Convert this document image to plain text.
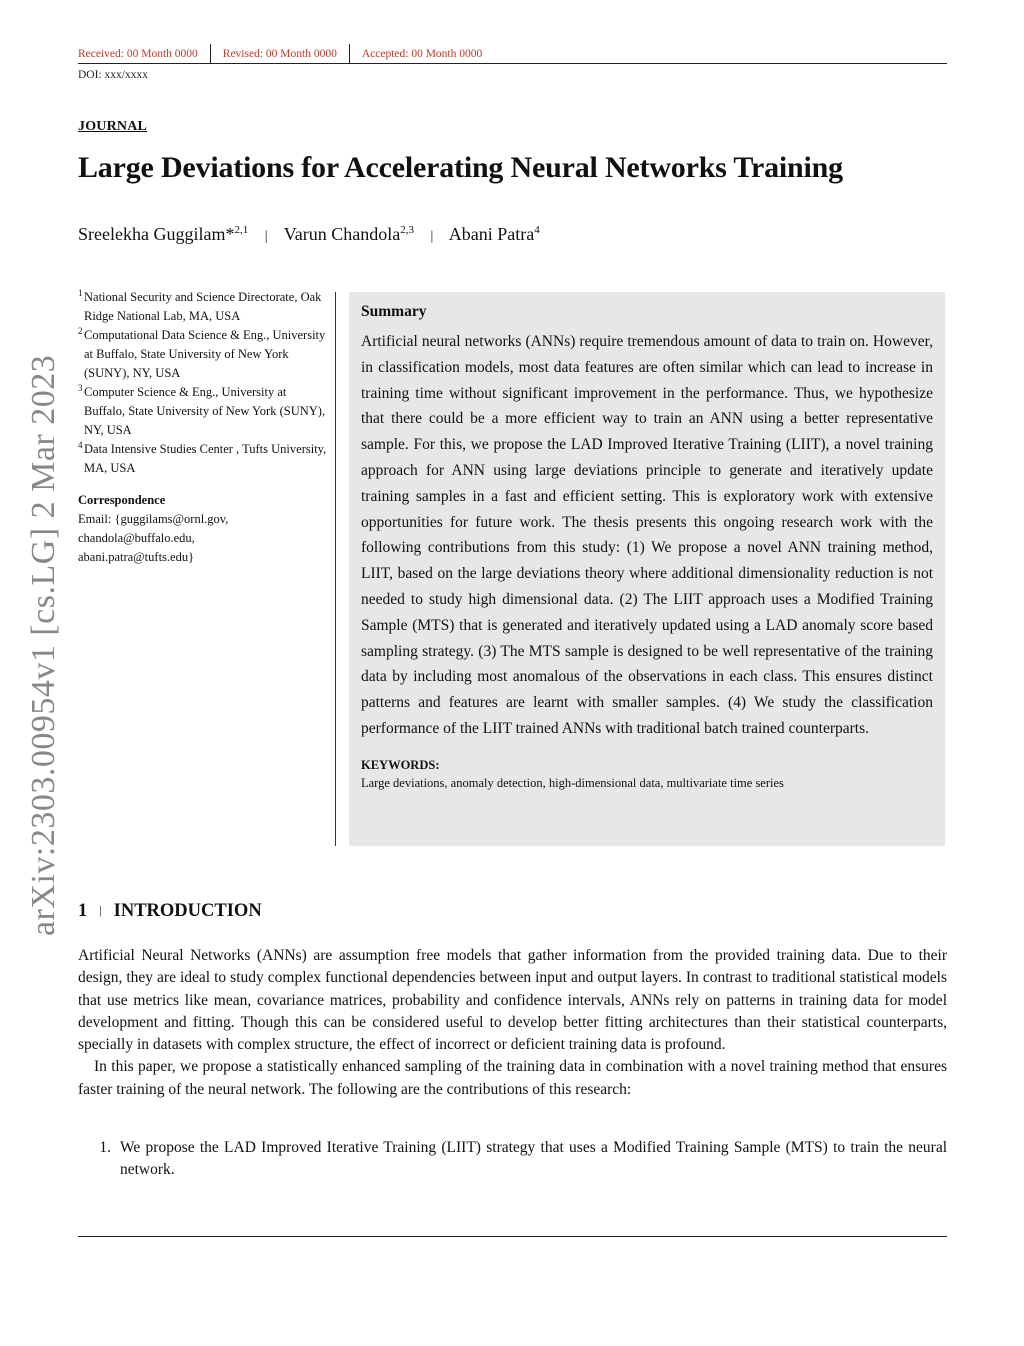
Received: 00 Month 0000 Revised: 00 Month 0000 Accepted: 00 Month 0000
DOI: xxx/xxxx
JOURNAL
Large Deviations for Accelerating Neural Networks Training
Sreelekha Guggilam*$^{2,1}$ | Varun Chandola$^{2,3}$ | Abani Patra$^4$
arXiv:2303.00954v1 [cs.LG] 2 Mar 2023
1 National Security and Science Directorate, Oak Ridge National Lab, MA, USA
2 Computational Data Science & Eng., University at Buffalo, State University of New York (SUNY), NY, USA
3 Computer Science & Eng., University at Buffalo, State University of New York (SUNY), NY, USA
4 Data Intensive Studies Center , Tufts University, MA, USA
Correspondence
Email: {guggilams@ornl.gov,
chandola@buffalo.edu,
abani.patra@tufts.edu}
Summary
Artificial neural networks (ANNs) require tremendous amount of data to train on. However, in classification models, most data features are often similar which can lead to increase in training time without significant improvement in the performance. Thus, we hypothesize that there could be a more efficient way to train an ANN using a better representative sample. For this, we propose the LAD Improved Iterative Training (LIIT), a novel training approach for ANN using large deviations principle to generate and iteratively update training samples in a fast and efficient setting. This is exploratory work with extensive opportunities for future work. The thesis presents this ongoing research work with the following contributions from this study: (1) We propose a novel ANN training method, LIIT, based on the large deviations theory where additional dimensionality reduction is not needed to study high dimensional data. (2) The LIIT approach uses a Modified Training Sample (MTS) that is generated and iteratively updated using a LAD anomaly score based sampling strategy. (3) The MTS sample is designed to be well representative of the training data by including most anomalous of the observations in each class. This ensures distinct patterns and features are learnt with smaller samples. (4) We study the classification performance of the LIIT trained ANNs with traditional batch trained counterparts.
KEYWORDS:
Large deviations, anomaly detection, high-dimensional data, multivariate time series
1 | INTRODUCTION

Artificial Neural Networks (ANNs) are assumption free models that gather information from the provided training data. Due to their design, they are ideal to study complex functional dependencies between input and output layers. In contrast to traditional statistical models that use metrics like mean, covariance matrices, probability and confidence intervals, ANNs rely on patterns in training data for model development and fitting. Though this can be considered useful to develop better fitting architectures than their statistical counterparts, specially in datasets with complex structure, the effect of incorrect or deficient training data is profound.

In this paper, we propose a statistically enhanced sampling of the training data in combination with a novel training method that ensures faster training of the neural network. The following are the contributions of this research:

1. We propose the LAD Improved Iterative Training (LIIT) strategy that uses a Modified Training Sample (MTS) to train the neural network.
